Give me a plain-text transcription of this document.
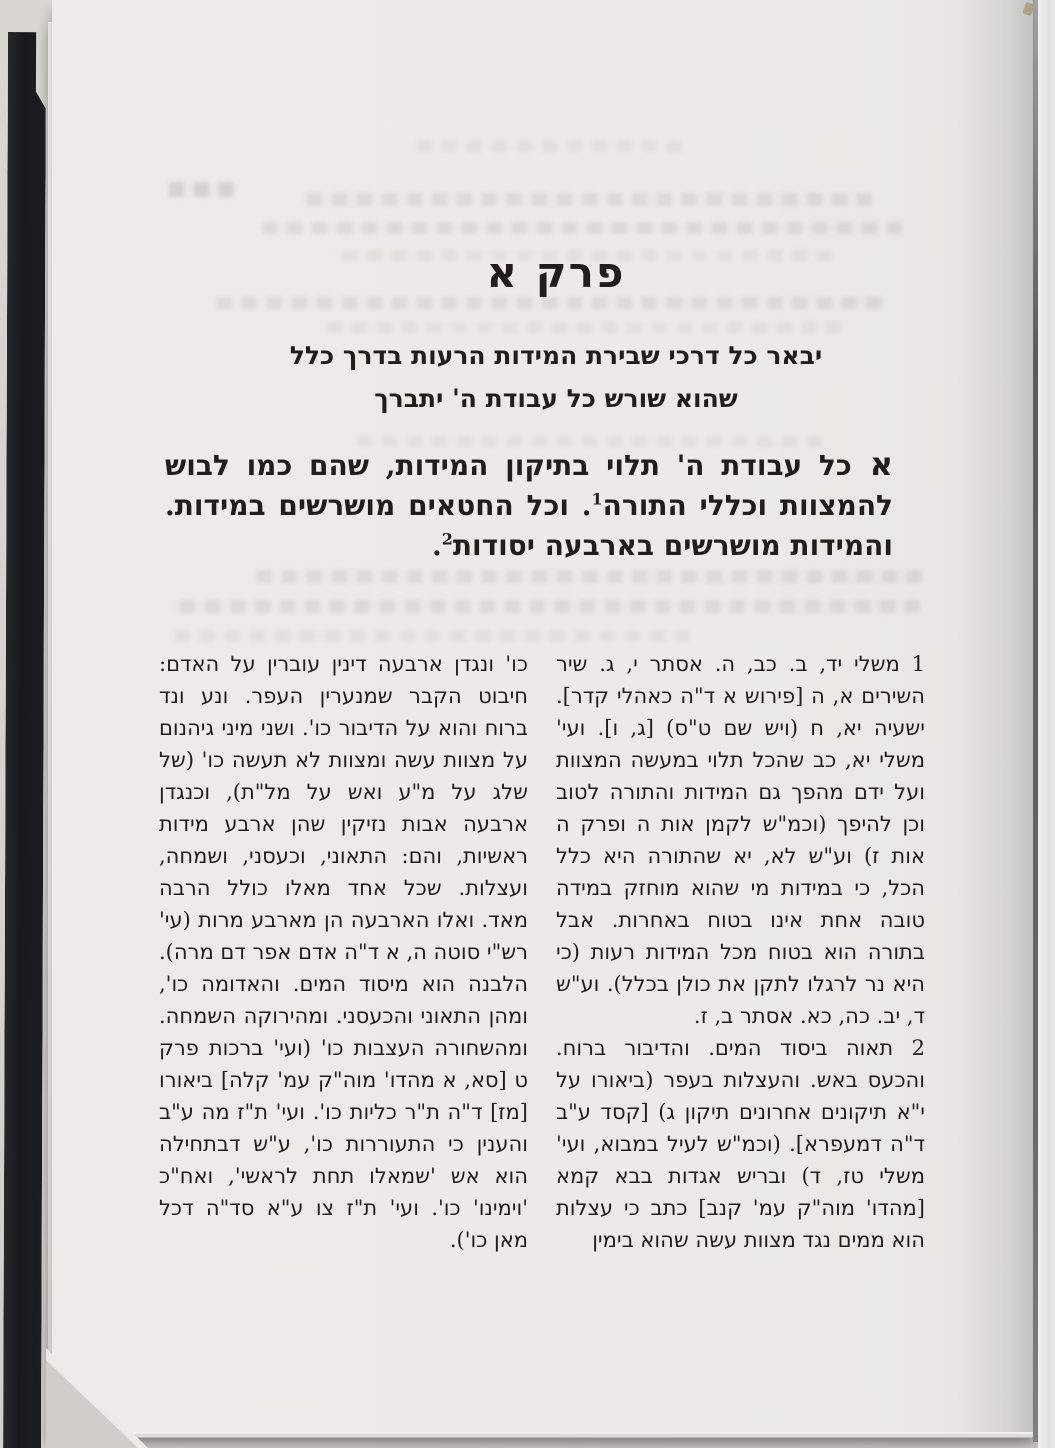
פרק א
יבאר כל דרכי שבירת המידות הרעות בדרך כלל
שהוא שורש כל עבודת ה' יתברך

אכל עבודת ה' תלוי בתיקון המידות, שהם כמו לבוש להמצוות וכללי התורה$^1$. וכל החטאים מושרשים במידות. והמידות מושרשים בארבעה יסודות$^2$.

1 משלי יד, ב. כב, ה. אסתר י, ג. שיר השירים א, ה [פירוש א ד"ה כאהלי קדר]. ישעיה יא, ח (ויש שם ט"ס) [ג, ו]. ועי' משלי יא, כב שהכל תלוי במעשה המצוות ועל ידם מהפך גם המידות והתורה לטוב וכן להיפך (וכמ"ש לקמן אות ה ופרק ה אות ז) וע"ש לא, יא שהתורה היא כלל הכל, כי במידות מי שהוא מוחזק במידה טובה אחת אינו בטוח באחרות. אבל בתורה הוא בטוח מכל המידות רעות (כי היא נר לרגלו לתקן את כולן בכלל). וע"ש ד, יב. כה, כא. אסתר ב, ז.

2 תאוה ביסוד המים. והדיבור ברוח. והכעס באש. והעצלות בעפר (ביאורו על י"א תיקונים אחרונים תיקון ג) [קסד ע"ב ד"ה דמעפרא]. (וכמ"ש לעיל במבוא, ועי' משלי טז, ד) ובריש אגדות בבא קמא [מהדו' מוה"ק עמ' קנב] כתב כי עצלות הוא ממים נגד מצוות עשה שהוא בימין

כו' ונגדן ארבעה דינין עוברין על האדם: חיבוט הקבר שמנערין העפר. ונע ונד ברוח והוא על הדיבור כו'. ושני מיני גיהנום על מצוות עשה ומצוות לא תעשה כו' (של שלג על מ"ע ואש על מל"ת), וכנגדן ארבעה אבות נזיקין שהן ארבע מידות ראשיות, והם: התאוני, וכעסני, ושמחה, ועצלות. שכל אחד מאלו כולל הרבה מאד. ואלו הארבעה הן מארבע מרות (עי' רש"י סוטה ה, א ד"ה אדם אפר דם מרה). הלבנה הוא מיסוד המים. והאדומה כו', ומהן התאוני והכעסני. ומהירוקה השמחה. ומהשחורה העצבות כו' (ועי' ברכות פרק ט [סא, א מהדו' מוה"ק עמ' קלה] ביאורו [מז] ד"ה ת"ר כליות כו'. ועי' ת"ז מה ע"ב והענין כי התעוררות כו', ע"ש דבתחילה הוא אש 'שמאלו תחת לראשי', ואח"כ 'וימינו' כו'. ועי' ת"ז צו ע"א סד"ה דכל מאן כו').
